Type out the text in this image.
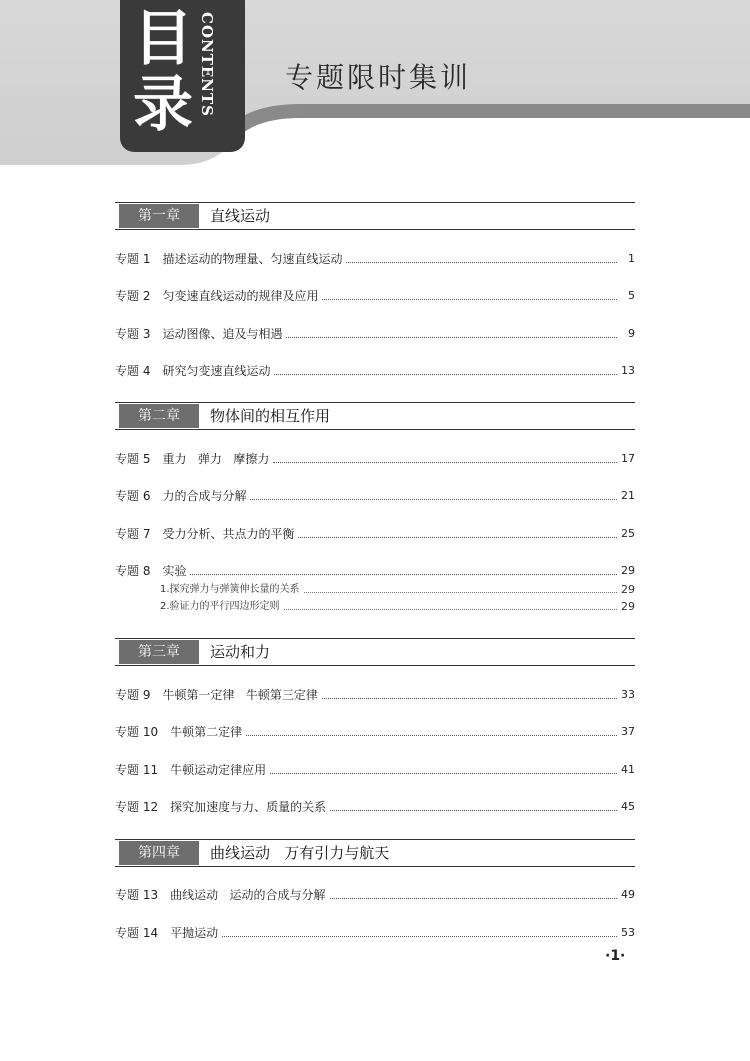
目录 CONTENTS 专题限时集训
第一章	直线运动
专题 1 描述运动的物理量、匀速直线运动	1
专题 2 匀变速直线运动的规律及应用	5
专题 3 运动图像、追及与相遇	9
专题 4 研究匀变速直线运动	13
第二章	物体间的相互作用
专题 5 重力   弹力   摩擦力	17
专题 6 力的合成与分解	21
专题 7 受力分析、共点力的平衡	25
专题 8 实验	29
1.探究弹力与弹簧伸长量的关系	29
2.验证力的平行四边形定则	29
第三章	运动和力
专题 9 牛顿第一定律   牛顿第三定律	33
专题 10 牛顿第二定律	37
专题 11 牛顿运动定律应用	41
专题 12 探究加速度与力、质量的关系	45
第四章	曲线运动   万有引力与航天
专题 13 曲线运动   运动的合成与分解	49
专题 14 平抛运动	53
·1·
